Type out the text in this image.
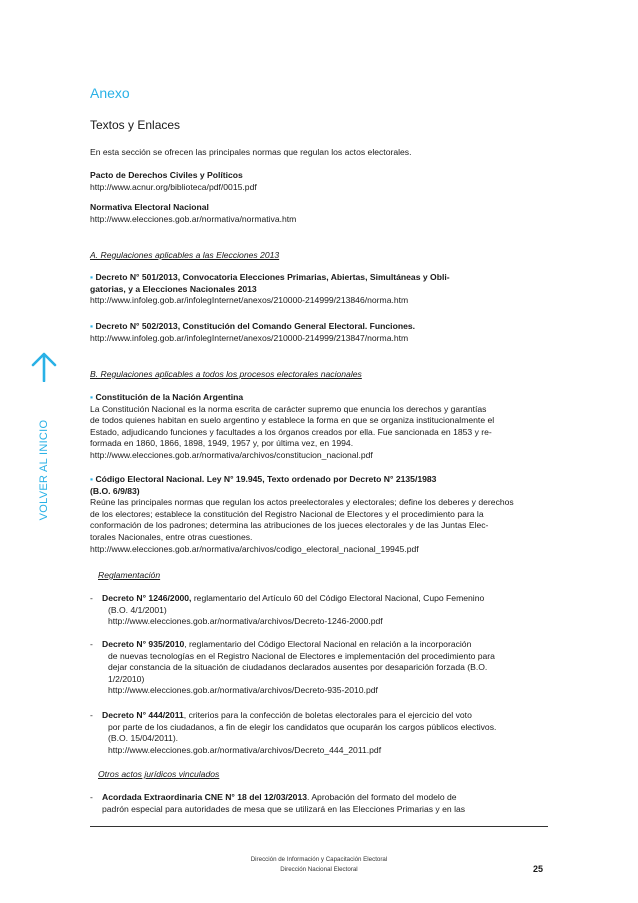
VOLVER AL INICIO
Anexo
Textos y Enlaces
En esta sección se ofrecen las principales normas que regulan los actos electorales.
Pacto de Derechos Civiles y Políticos
http://www.acnur.org/biblioteca/pdf/0015.pdf
Normativa Electoral Nacional
http://www.elecciones.gob.ar/normativa/normativa.htm
A. Regulaciones aplicables a las Elecciones 2013
▪ Decreto N° 501/2013, Convocatoria Elecciones Primarias, Abiertas, Simultáneas y Obli-
gatorias, y a Elecciones Nacionales 2013
http://www.infoleg.gob.ar/infolegInternet/anexos/210000-214999/213846/norma.htm
▪ Decreto N° 502/2013, Constitución del Comando General Electoral. Funciones.
http://www.infoleg.gob.ar/infolegInternet/anexos/210000-214999/213847/norma.htm
B. Regulaciones aplicables a todos los procesos electorales nacionales
▪ Constitución de la Nación Argentina
La Constitución Nacional es la norma escrita de carácter supremo que enuncia los derechos y garantías
de todos quienes habitan en suelo argentino y establece la forma en que se organiza institucionalmente el
Estado, adjudicando funciones y facultades a los órganos creados por ella. Fue sancionada en 1853 y re-
formada en 1860, 1866, 1898, 1949, 1957 y, por última vez, en 1994.
http://www.elecciones.gob.ar/normativa/archivos/constitucion_nacional.pdf
▪ Código Electoral Nacional. Ley N° 19.945, Texto ordenado por Decreto N° 2135/1983
(B.O. 6/9/83)
Reúne las principales normas que regulan los actos preelectorales y electorales; define los deberes y derechos
de los electores; establece la constitución del Registro Nacional de Electores y el procedimiento para la
conformación de los padrones; determina las atribuciones de los jueces electorales y de las Juntas Elec-
torales Nacionales, entre otras cuestiones.
http://www.elecciones.gob.ar/normativa/archivos/codigo_electoral_nacional_19945.pdf
Reglamentación
-	Decreto N° 1246/2000, reglamentario del Artículo 60 del Código Electoral Nacional, Cupo Femenino
(B.O. 4/1/2001)
http://www.elecciones.gob.ar/normativa/archivos/Decreto-1246-2000.pdf
-	Decreto N° 935/2010, reglamentario del Código Electoral Nacional en relación a la incorporación
de nuevas tecnologías en el Registro Nacional de Electores e implementación del procedimiento para
dejar constancia de la situación de ciudadanos declarados ausentes por desaparición forzada (B.O.
1/2/2010)
http://www.elecciones.gob.ar/normativa/archivos/Decreto-935-2010.pdf
-	Decreto N° 444/2011, criterios para la confección de boletas electorales para el ejercicio del voto
por parte de los ciudadanos, a fin de elegir los candidatos que ocuparán los cargos públicos electivos.
(B.O. 15/04/2011).
http://www.elecciones.gob.ar/normativa/archivos/Decreto_444_2011.pdf
Otros actos jurídicos vinculados
-	Acordada Extraordinaria CNE N° 18 del 12/03/2013. Aprobación del formato del modelo de
padrón especial para autoridades de mesa que se utilizará en las Elecciones Primarias y en las
Dirección de Información y Capacitación Electoral
Dirección Nacional Electoral	25
